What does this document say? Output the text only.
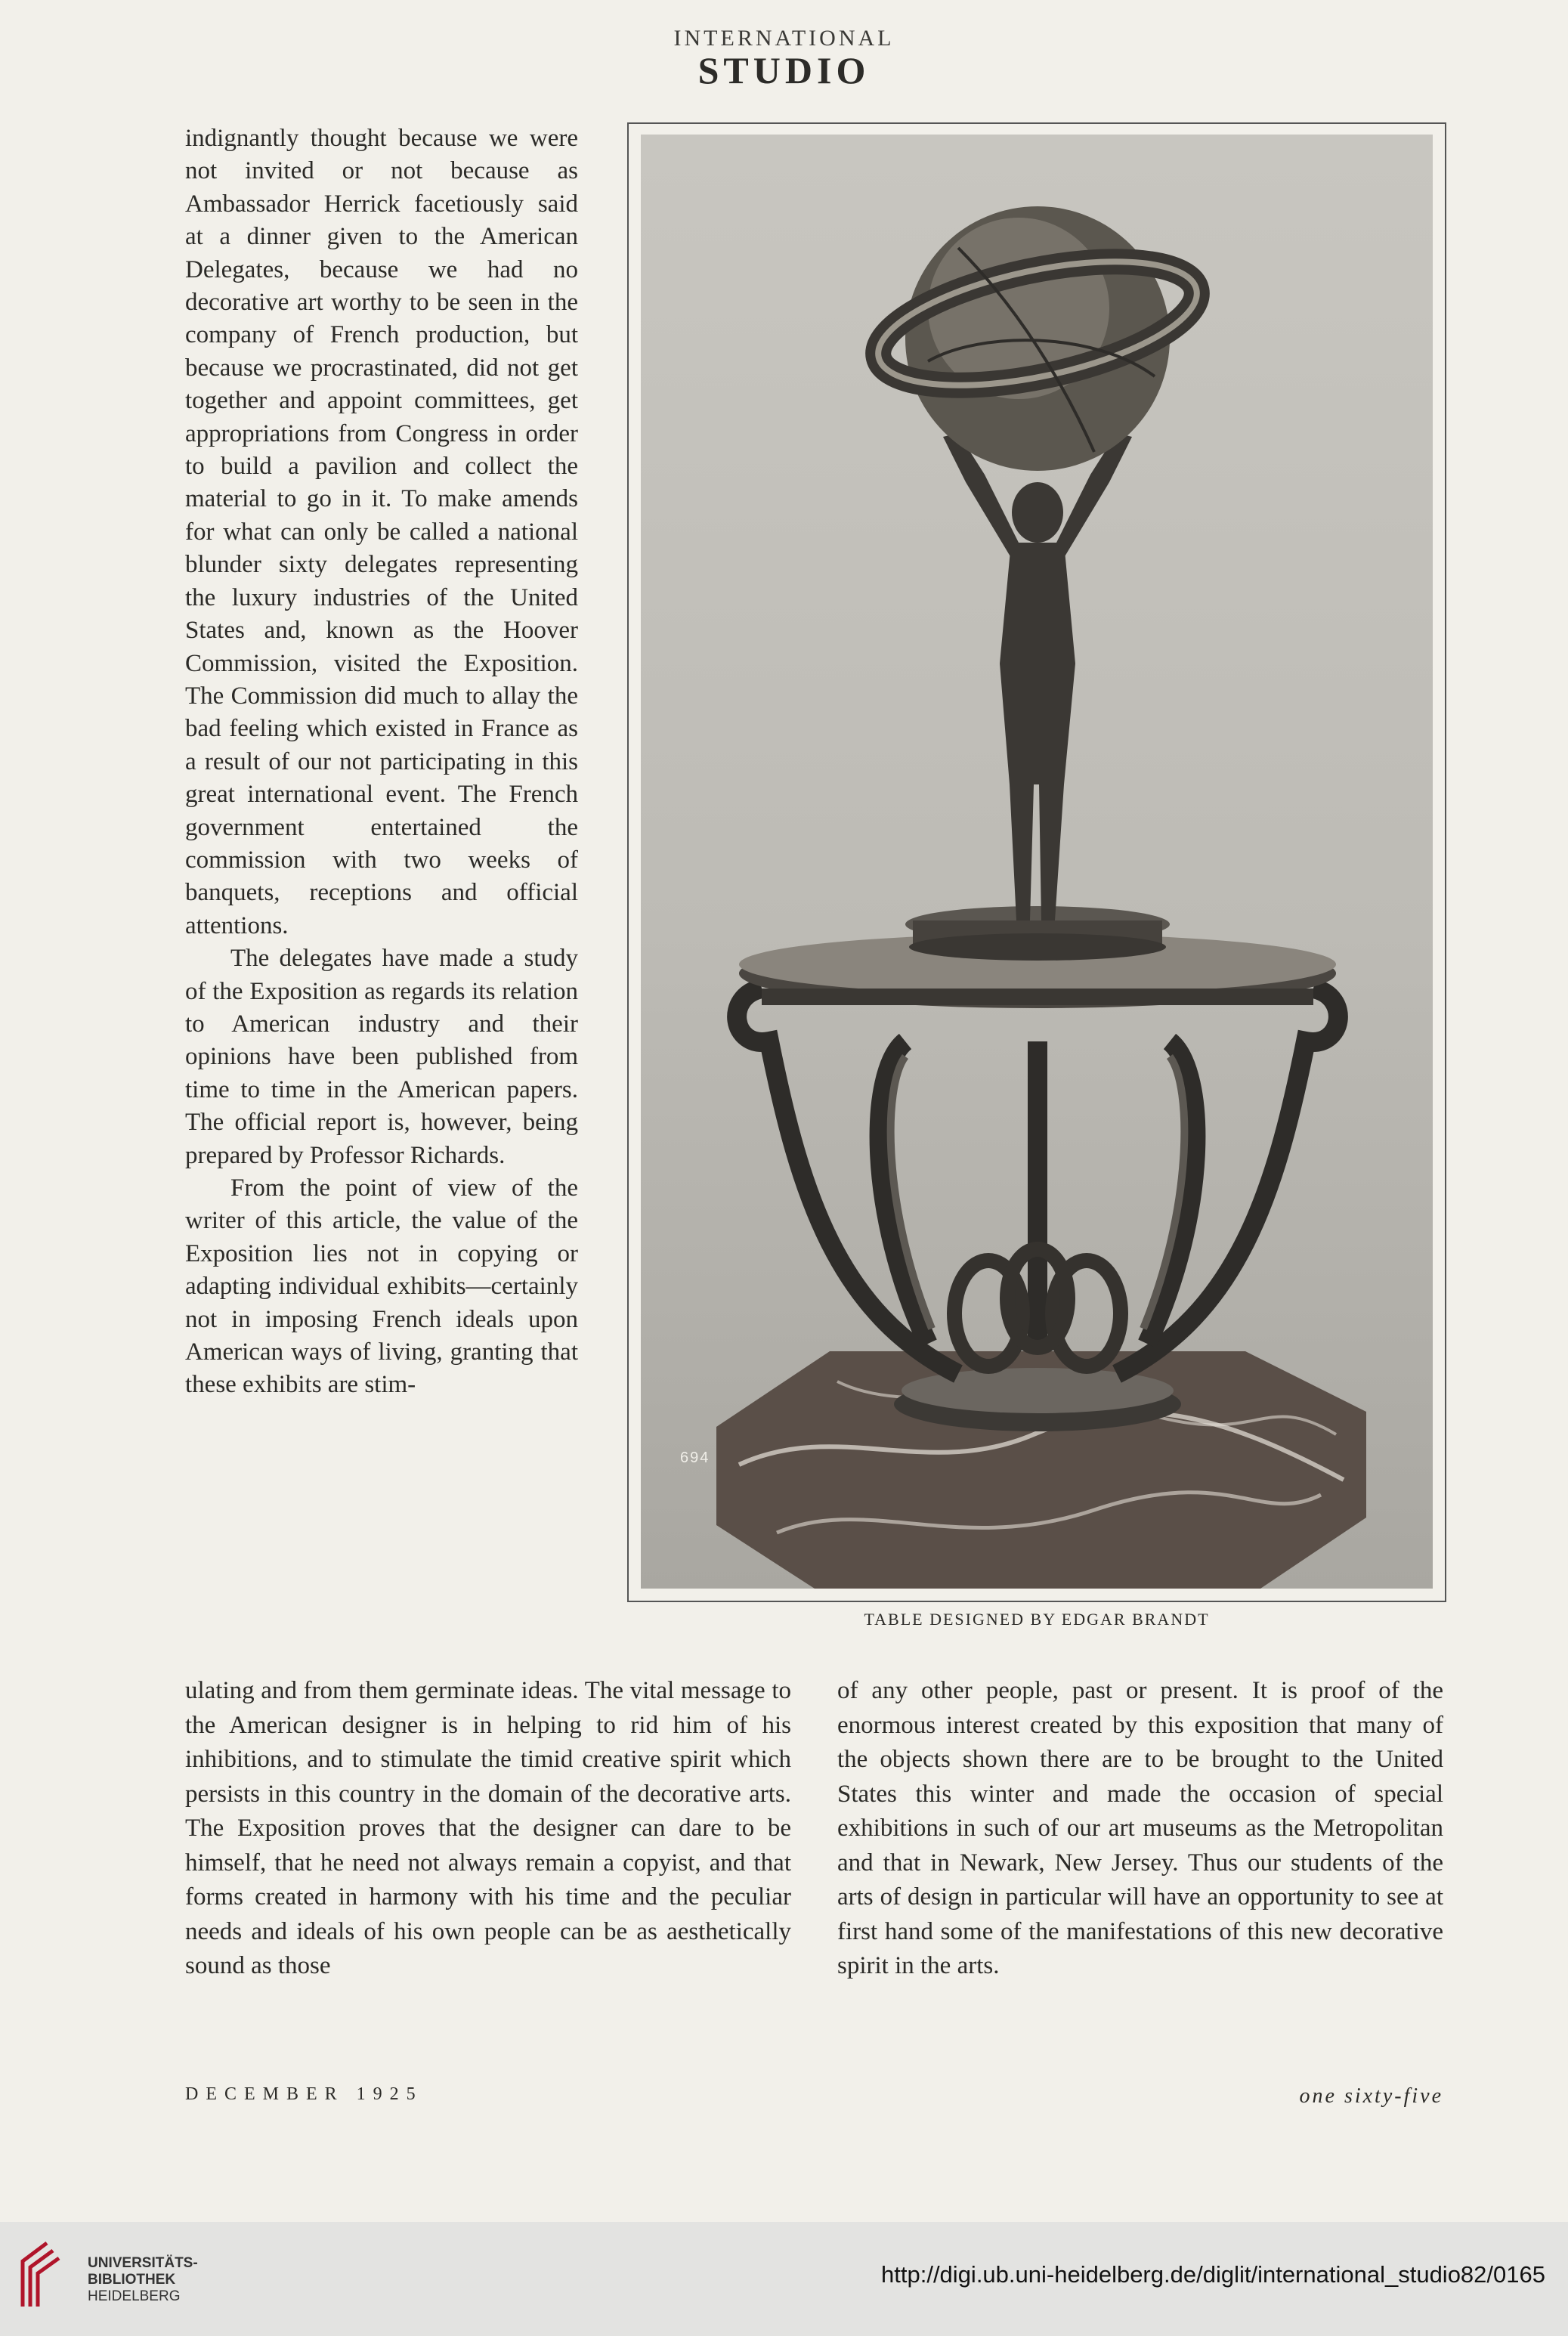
INTERNATIONAL
STUDIO

indignantly thought because we were not invited or not because as Ambassador Herrick facetiously said at a dinner given to the American Delegates, because we had no decorative art worthy to be seen in the company of French production, but because we procrastinated, did not get together and appoint committees, get appropriations from Congress in order to build a pavilion and collect the material to go in it. To make amends for what can only be called a national blunder sixty delegates representing the luxury industries of the United States and, known as the Hoover Commission, visited the Exposition. The Commission did much to allay the bad feeling which existed in France as a result of our not participating in this great international event. The French government entertained the commission with two weeks of banquets, receptions and official attentions.

The delegates have made a study of the Exposition as regards its relation to American industry and their opinions have been published from time to time in the American papers. The official report is, however, being prepared by Professor Richards.

From the point of view of the writer of this article, the value of the Exposition lies not in copying or adapting individual exhibits—certainly not in imposing French ideals upon American ways of living, granting that these exhibits are stim-

694
TABLE DESIGNED BY EDGAR BRANDT
ulating and from them germinate ideas. The vital message to the American designer is in helping to rid him of his inhibitions, and to stimulate the timid creative spirit which persists in this country in the domain of the decorative arts. The Exposition proves that the designer can dare to be himself, that he need not always remain a copyist, and that forms created in harmony with his time and the peculiar needs and ideals of his own people can be as aesthetically sound as those
of any other people, past or present. It is proof of the enormous interest created by this exposition that many of the objects shown there are to be brought to the United States this winter and made the occasion of special exhibitions in such of our art museums as the Metropolitan and that in Newark, New Jersey. Thus our students of the arts of design in particular will have an opportunity to see at first hand some of the manifestations of this new decorative spirit in the arts.
DECEMBER 1925	one sixty-five
UNIVERSITÄTS-
BIBLIOTHEK
HEIDELBERG
http://digi.ub.uni-heidelberg.de/diglit/international_studio82/0165
